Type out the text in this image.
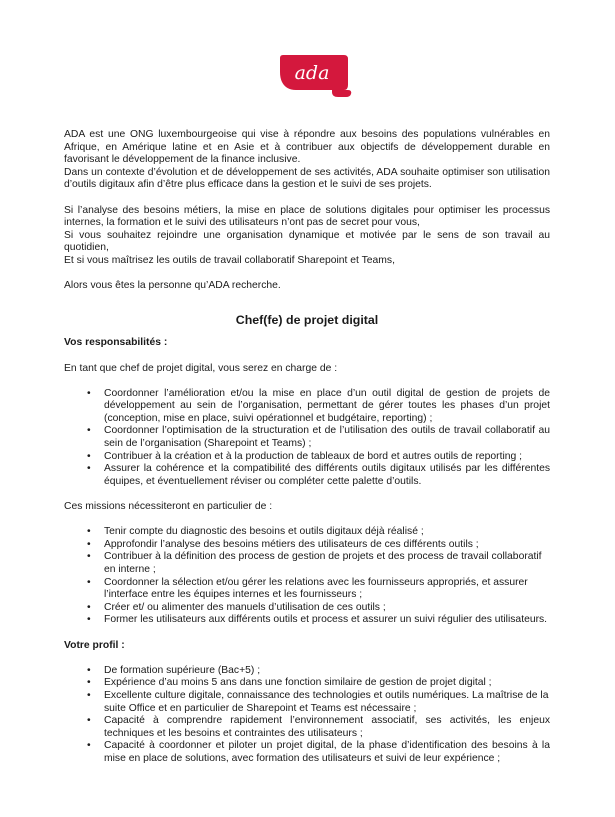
ada

ADA est une ONG luxembourgeoise qui vise à répondre aux besoins des populations vulnérables en Afrique, en Amérique latine et en Asie et à contribuer aux objectifs de développement durable en favorisant le développement de la finance inclusive.

Dans un contexte d’évolution et de développement de ses activités, ADA souhaite optimiser son utilisation d’outils digitaux afin d’être plus efficace dans la gestion et le suivi de ses projets.

Si l’analyse des besoins métiers, la mise en place de solutions digitales pour optimiser les processus internes, la formation et le suivi des utilisateurs n’ont pas de secret pour vous,

Si vous souhaitez rejoindre une organisation dynamique et motivée par le sens de son travail au quotidien,

Et si vous maîtrisez les outils de travail collaboratif Sharepoint et Teams,

Alors vous êtes la personne qu’ADA recherche.

Chef(fe) de projet digital

Vos responsabilités :

En tant que chef de projet digital, vous serez en charge de :

• Coordonner l’amélioration et/ou la mise en place d’un outil digital de gestion de projets de développement au sein de l’organisation, permettant de gérer toutes les phases d’un projet (conception, mise en place, suivi opérationnel et budgétaire, reporting) ;
• Coordonner l’optimisation de la structuration et de l’utilisation des outils de travail collaboratif au sein de l’organisation (Sharepoint et Teams) ;
• Contribuer à la création et à la production de tableaux de bord et autres outils de reporting ;
• Assurer la cohérence et la compatibilité des différents outils digitaux utilisés par les différentes équipes, et éventuellement réviser ou compléter cette palette d’outils.

Ces missions nécessiteront en particulier de :

• Tenir compte du diagnostic des besoins et outils digitaux déjà réalisé ;
• Approfondir l’analyse des besoins métiers des utilisateurs de ces différents outils ;
• Contribuer à la définition des process de gestion de projets et des process de travail collaboratif en interne ;
• Coordonner la sélection et/ou gérer les relations avec les fournisseurs appropriés, et assurer l’interface entre les équipes internes et les fournisseurs ;
• Créer et/ ou alimenter des manuels d’utilisation de ces outils ;
• Former les utilisateurs aux différents outils et process et assurer un suivi régulier des utilisateurs.

Votre profil :

• De formation supérieure (Bac+5) ;
• Expérience d’au moins 5 ans dans une fonction similaire de gestion de projet digital ;
• Excellente culture digitale, connaissance des technologies et outils numériques. La maîtrise de la suite Office et en particulier de Sharepoint et Teams est nécessaire ;
• Capacité à comprendre rapidement l’environnement associatif, ses activités, les enjeux techniques et les besoins et contraintes des utilisateurs ;
• Capacité à coordonner et piloter un projet digital, de la phase d’identification des besoins à la mise en place de solutions, avec formation des utilisateurs et suivi de leur expérience ;
